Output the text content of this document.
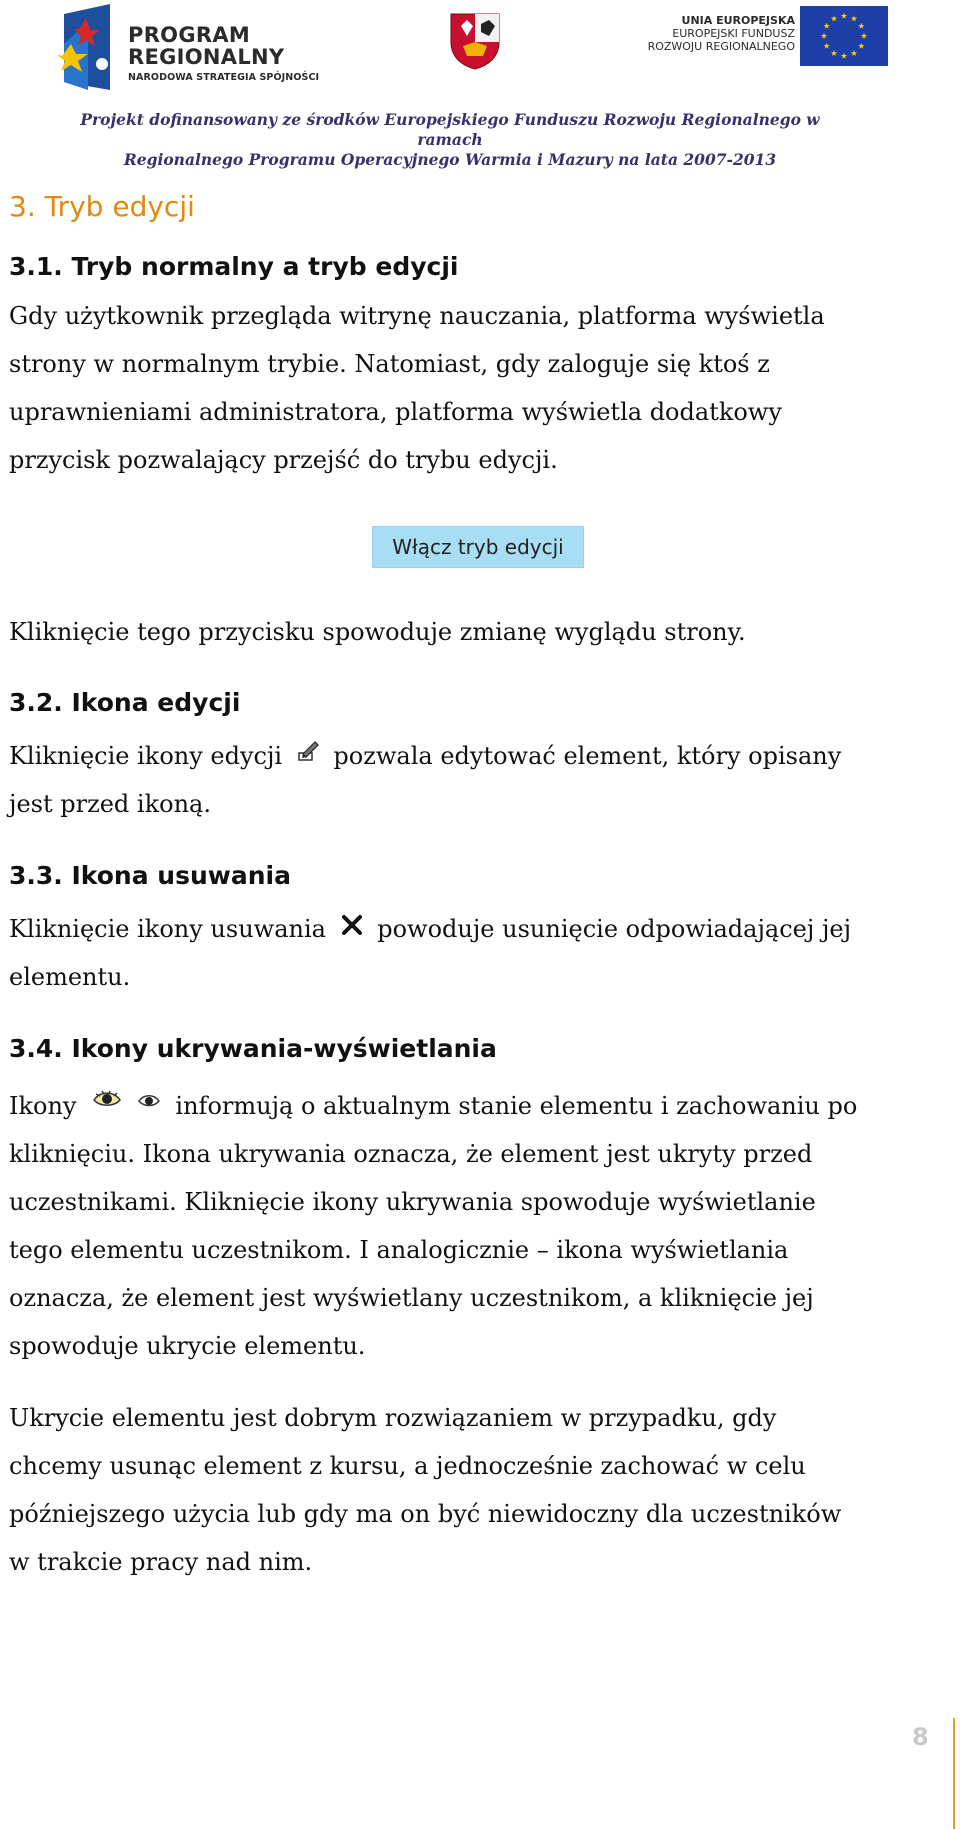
PROGRAM
REGIONALNY
NARODOWA STRATEGIA SPÓJNOŚCI
UNIA EUROPEJSKA
EUROPEJSKI FUNDUSZ
ROZWOJU REGIONALNEGO
Projekt dofinansowany ze środków Europejskiego Funduszu Rozwoju Regionalnego w ramach
Regionalnego Programu Operacyjnego Warmia i Mazury na lata 2007-2013
3. Tryb edycji
3.1. Tryb normalny a tryb edycji
Gdy użytkownik przegląda witrynę nauczania, platforma wyświetla
strony w normalnym trybie. Natomiast, gdy zaloguje się ktoś z
uprawnieniami administratora, platforma wyświetla dodatkowy
przycisk pozwalający przejść do trybu edycji.
Włącz tryb edycji
Kliknięcie tego przycisku spowoduje zmianę wyglądu strony.
3.2. Ikona edycji
Kliknięcie ikony edycji pozwala edytować element, który opisany
jest przed ikoną.
3.3. Ikona usuwania
Kliknięcie ikony usuwania powoduje usunięcie odpowiadającej jej
elementu.
3.4. Ikony ukrywania-wyświetlania
Ikony	informują o aktualnym stanie elementu i zachowaniu po
kliknięciu. Ikona ukrywania oznacza, że element jest ukryty przed
uczestnikami. Kliknięcie ikony ukrywania spowoduje wyświetlanie
tego elementu uczestnikom. I analogicznie – ikona wyświetlania
oznacza, że element jest wyświetlany uczestnikom, a kliknięcie jej
spowoduje ukrycie elementu.
Ukrycie elementu jest dobrym rozwiązaniem w przypadku, gdy
chcemy usunąc element z kursu, a jednocześnie zachować w celu
późniejszego użycia lub gdy ma on być niewidoczny dla uczestników
w trakcie pracy nad nim.
8
